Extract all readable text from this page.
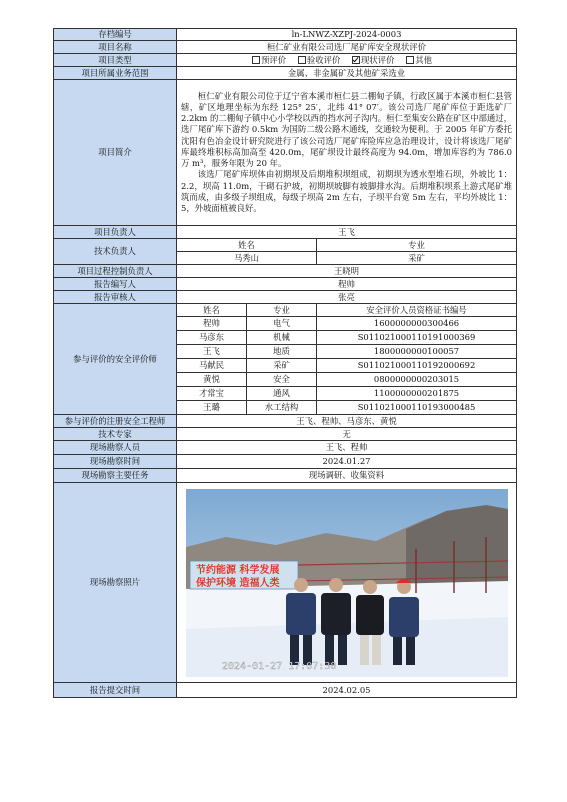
存档编号	ln-LNWZ-XZPJ-2024-0003		
项目名称	桓仁矿业有限公司选厂尾矿库安全现状评价		
项目类型	预评价 验收评价 现状评价 其他		
项目所属业务范围	金属、非金属矿及其他矿采选业		
项目简介	桓仁矿业有限公司位于辽宁省本溪市桓仁县二棚甸子镇，行政区属于本溪市桓仁县管辖，矿区地理坐标为东经 125° 25′，北纬 41° 07′。该公司选厂尾矿库位于距选矿厂 2.2km 的二棚甸子镇中心小学校以西的挡水河子沟内。桓仁至集安公路在矿区中部通过，选厂尾矿库下游约 0.5km 为国防二级公路木通线，交通较为便利。于 2005 年矿方委托沈阳有色冶金设计研究院进行了该公司选厂尾矿库险库应急治理设计，设计将该选厂尾矿库最终堆积标高加高至 420.0m，尾矿坝设计最终高度为 94.0m，增加库容约为 786.0 万 m³，服务年限为 20 年。

该选厂尾矿库坝体由初期坝及后期堆积坝组成，初期坝为透水型堆石坝，外坡比 1：2.2，坝高 11.0m，干砌石护坡，初期坝坡脚有坡脚排水沟。后期堆积坝系上游式尾矿堆筑而成，由多级子坝组成，每级子坝高 2m 左右，子坝平台宽 5m 左右，平均外坡比 1：5，外坡面植被良好。		

项目负责人	王飞		
技术负责人	姓名		专业
	马秀山		采矿
项目过程控制负责人	王晓明		
报告编写人	程帅		
报告审核人	张亮		
参与评价的安全评价师	姓名	专业	安全评价人员资格证书编号
	程帅	电气	1600000000300466
	马彦东	机械	S011021000110191000369
	王飞	地质	1800000000100057
	马献民	采矿	S011021000110192000692
	黄悦	安全	0800000000203015
	才常宝	通风	1100000000201875
	王璐	水工结构	S011021000110193000485
参与评价的注册安全工程师	王飞、程帅、马彦东、黄悦		
技术专家	无		
现场勘察人员	王飞、程帅		
现场勘察时间	2024.01.27		
现场勘察主要任务	现场调研、收集资料		
现场勘察照片	节约能源 科学发展
保护环境 造福人类
2024-01-27 17:07:38		

报告提交时间	2024.02.05		
